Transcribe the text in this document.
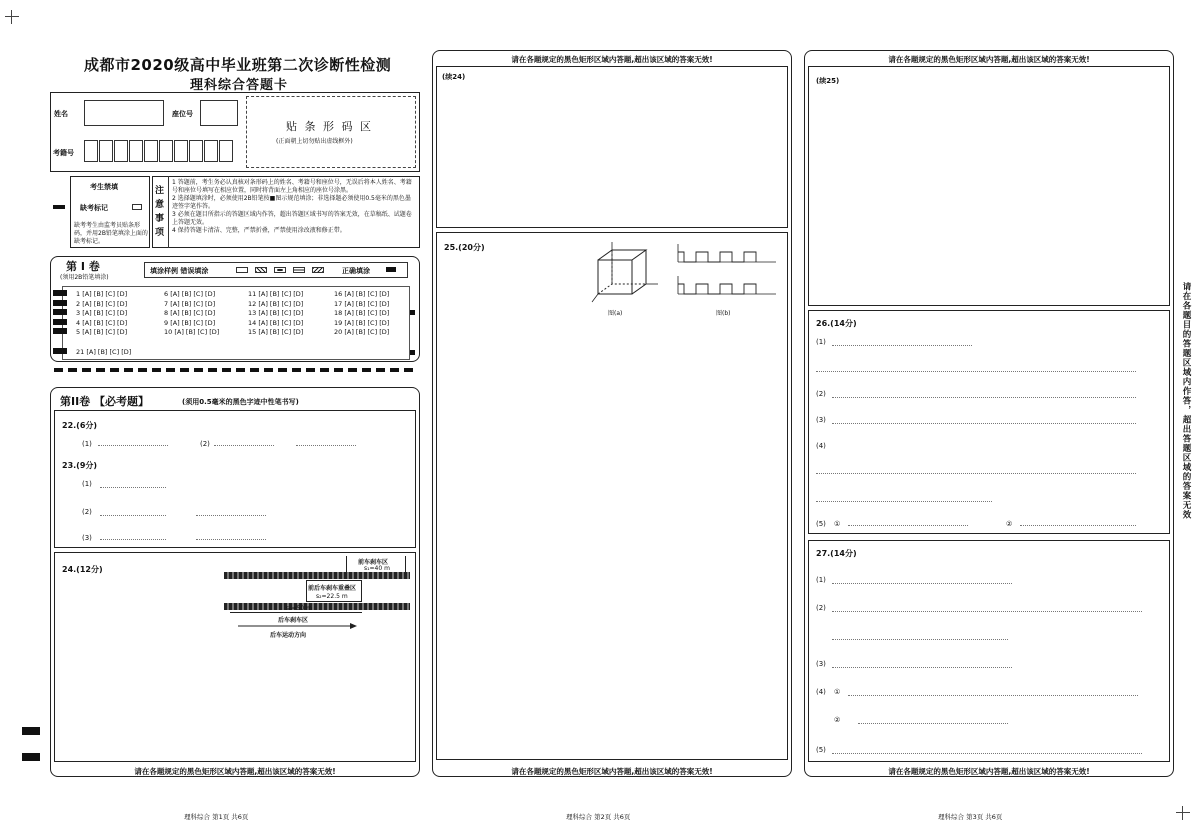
成都市2020级高中毕业班第二次诊断性检测
理科综合答题卡
姓名	座位号
考籍号
贴 条 形 码 区
(正面朝上切勿贴出虚线框外)
考生禁填
缺考标记
缺考考生由监考员贴条形码，并用2B铅笔填涂上面的缺考标记。
注意事项
1 答题前，考生务必认真核对条形码上的姓名、考籍号和座位号，无误后将本人姓名、考籍号和座位号填写在相应位置，同时将背面左上角相应的座位号涂黑。
2 选择题填涂时，必须使用2B铅笔按■图示规范填涂；非选择题必须使用0.5毫米的黑色墨迹签字笔作答。
3 必须在题目所指示的答题区域内作答，超出答题区域书写的答案无效，在草稿纸、试题卷上答题无效。
4 保持答题卡清洁、完整，严禁折叠，严禁使用涂改液和修正带。
第 I 卷
(须用2B铅笔填涂)
填涂样例 错误填涂	正确填涂
1 [A] [B] [C] [D]
2 [A] [B] [C] [D]
3 [A] [B] [C] [D]
4 [A] [B] [C] [D]
5 [A] [B] [C] [D]
6 [A] [B] [C] [D]
7 [A] [B] [C] [D]
8 [A] [B] [C] [D]
9 [A] [B] [C] [D]
10 [A] [B] [C] [D]
11 [A] [B] [C] [D]
12 [A] [B] [C] [D]
13 [A] [B] [C] [D]
14 [A] [B] [C] [D]
15 [A] [B] [C] [D]
16 [A] [B] [C] [D]
17 [A] [B] [C] [D]
18 [A] [B] [C] [D]
19 [A] [B] [C] [D]
20 [A] [B] [C] [D]
21 [A] [B] [C] [D]
第II卷 【必考题】	(须用0.5毫米的黑色字迹中性笔书写)
22.(6分)
(1)	(2)
23.(9分)
(1)
(2)
(3)
24.(12分)
前车刹车区
s₁=40 m
前后车刹车重叠区
s₂=22.5 m
s₀=50 m
后车刹车区
后车运动方向
请在各题规定的黑色矩形区域内答题,超出该区域的答案无效!
理科综合 第1页 共6页
请在各题规定的黑色矩形区域内答题,超出该区域的答案无效!
(续24)
25.(20分)
图(a)	图(b)
请在各题规定的黑色矩形区域内答题,超出该区域的答案无效!
理科综合 第2页 共6页
请在各题规定的黑色矩形区域内答题,超出该区域的答案无效!
(续25)
26.(14分)
(1)
(2)
(3)
(4)
(5) ①	②
27.(14分)
(1)
(2)
(3)
(4) ①
②
(5)
请在各题规定的黑色矩形区域内答题,超出该区域的答案无效!
理科综合 第3页 共6页
请在各题目的答题区域内作答，超出答题区域的答案无效
